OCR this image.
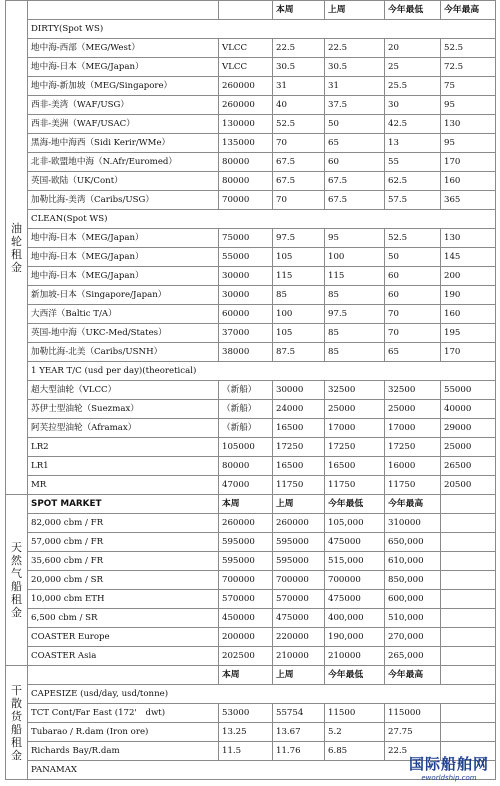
油轮租金			本周	上周	今年最低	今年最高
	DIRTY(Spot WS)					
	地中海-西部（MEG/West）	VLCC	22.5	22.5	20	52.5
	地中海-日本（MEG/Japan）	VLCC	30.5	30.5	25	72.5
	地中海-新加坡（MEG/Singapore）	260000	31	31	25.5	75
	西非-美湾（WAF/USG）	260000	40	37.5	30	95
	西非-美洲（WAF/USAC）	130000	52.5	50	42.5	130
	黑海-地中海西（Sidi Kerir/WMe）	135000	70	65	13	95
	北非-欧盟地中海（N.Afr/Euromed）	80000	67.5	60	55	170
	英国-欧陆（UK/Cont）	80000	67.5	67.5	62.5	160
	加勒比海-美湾（Caribs/USG）	70000	70	67.5	57.5	365
	CLEAN(Spot WS)					
	地中海-日本（MEG/Japan）	75000	97.5	95	52.5	130
	地中海-日本（MEG/Japan）	55000	105	100	50	145
	地中海-日本（MEG/Japan）	30000	115	115	60	200
	新加坡-日本（Singapore/Japan）	30000	85	85	60	190
	大西洋（Baltic T/A）	60000	100	97.5	70	160
	英国-地中海（UKC-Med/States）	37000	105	85	70	195
	加勒比海-北美（Caribs/USNH）	38000	87.5	85	65	170
	1 YEAR T/C (usd per day)(theoretical)					
	超大型油轮（VLCC）	（新船）	30000	32500	32500	55000
	苏伊士型油轮（Suezmax）	（新船）	24000	25000	25000	40000
	阿芙拉型油轮（Aframax）	（新船）	16500	17000	17000	29000
	LR2	105000	17250	17250	17250	25000
	LR1	80000	16500	16500	16000	26500
	MR	47000	11750	11750	11750	20500
天然气船租金	SPOT MARKET	本周	上周	今年最低	今年最高	
	82,000 cbm / FR	260000	260000	105,000	310000	
	57,000 cbm / FR	595000	595000	475000	650,000	
	35,600 cbm / FR	595000	595000	515,000	610,000	
	20,000 cbm / SR	700000	700000	700000	850,000	
	10,000 cbm ETH	570000	570000	475000	600,000	
	6,500 cbm / SR	450000	475000	400,000	510,000	
	COASTER Europe	200000	220000	190,000	270,000	
	COASTER Asia	202500	210000	210000	265,000	
干散货船租金		本周	上周	今年最低	今年最高	
	CAPESIZE (usd/day, usd/tonne)					
	TCT Cont/Far East (172'　dwt)	53000	55754	11500	115000	
	Tubarao / R.dam (Iron ore)	13.25	13.67	5.2	27.75	
	Richards Bay/R.dam	11.5	11.76	6.85	22.5	
	PANAMAX						国际船舶网
eworldship.com
